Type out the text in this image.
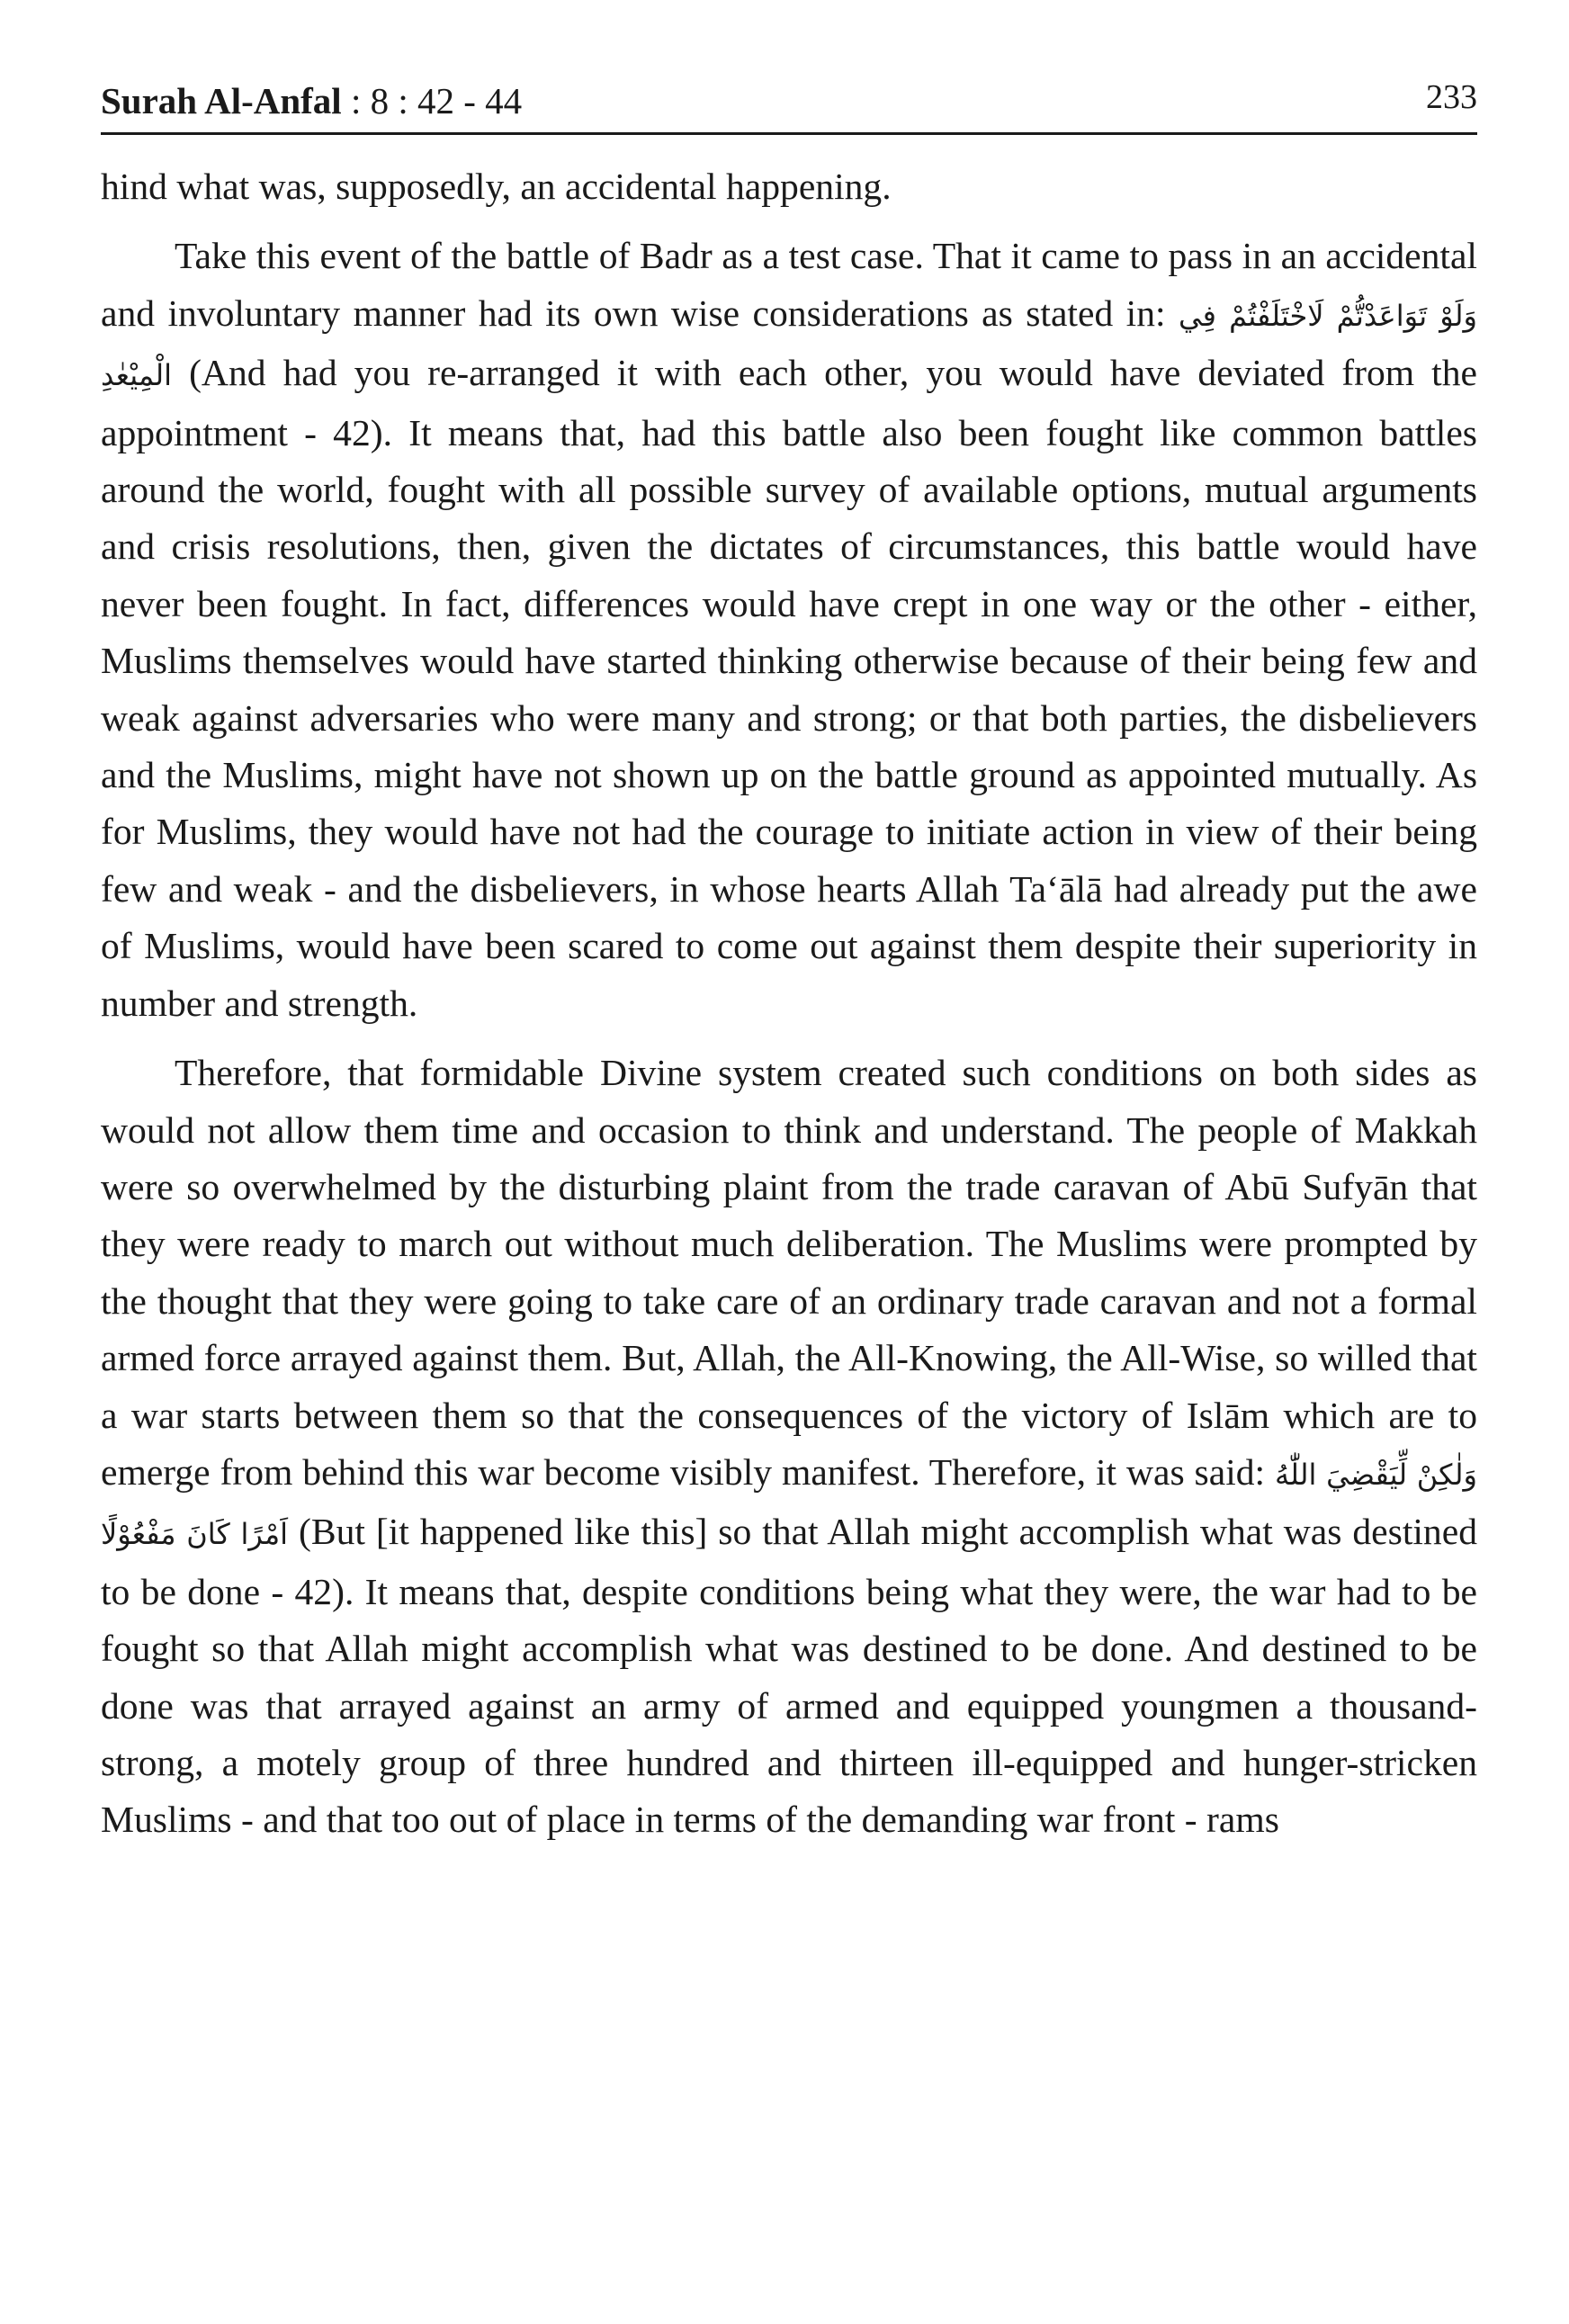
Surah Al-Anfal : 8 : 42 - 44	233

hind what was, supposedly, an accidental happening.

Take this event of the battle of Badr as a test case. That it came to pass in an accidental and involuntary manner had its own wise considerations as stated in: وَلَوْ تَوَاعَدْتُّمْ لَاخْتَلَفْتُمْ فِي الْمِيْعٰدِ (And had you re-arranged it with each other, you would have deviated from the appointment - 42). It means that, had this battle also been fought like common battles around the world, fought with all possible survey of available options, mutual arguments and crisis resolutions, then, given the dictates of circumstances, this battle would have never been fought. In fact, differences would have crept in one way or the other - either, Muslims themselves would have started thinking otherwise because of their being few and weak against adversaries who were many and strong; or that both parties, the disbelievers and the Muslims, might have not shown up on the battle ground as appointed mutually. As for Muslims, they would have not had the courage to initiate action in view of their being few and weak - and the disbelievers, in whose hearts Allah Ta‘ālā had already put the awe of Muslims, would have been scared to come out against them despite their superiority in number and strength.

Therefore, that formidable Divine system created such conditions on both sides as would not allow them time and occasion to think and understand. The people of Makkah were so overwhelmed by the disturbing plaint from the trade caravan of Abū Sufyān that they were ready to march out without much deliberation. The Muslims were prompted by the thought that they were going to take care of an ordinary trade caravan and not a formal armed force arrayed against them. But, Allah, the All-Knowing, the All-Wise, so willed that a war starts between them so that the consequences of the victory of Islām which are to emerge from behind this war become visibly manifest. Therefore, it was said: وَلٰكِنْ لِّيَقْضِيَ اللّٰهُ اَمْرًا كَانَ مَفْعُوْلًا (But [it happened like this] so that Allah might accomplish what was destined to be done - 42). It means that, despite conditions being what they were, the war had to be fought so that Allah might accomplish what was destined to be done. And destined to be done was that arrayed against an army of armed and equipped youngmen a thousand-strong, a motely group of three hundred and thirteen ill-equipped and hunger-stricken Muslims - and that too out of place in terms of the demanding war front - rams
